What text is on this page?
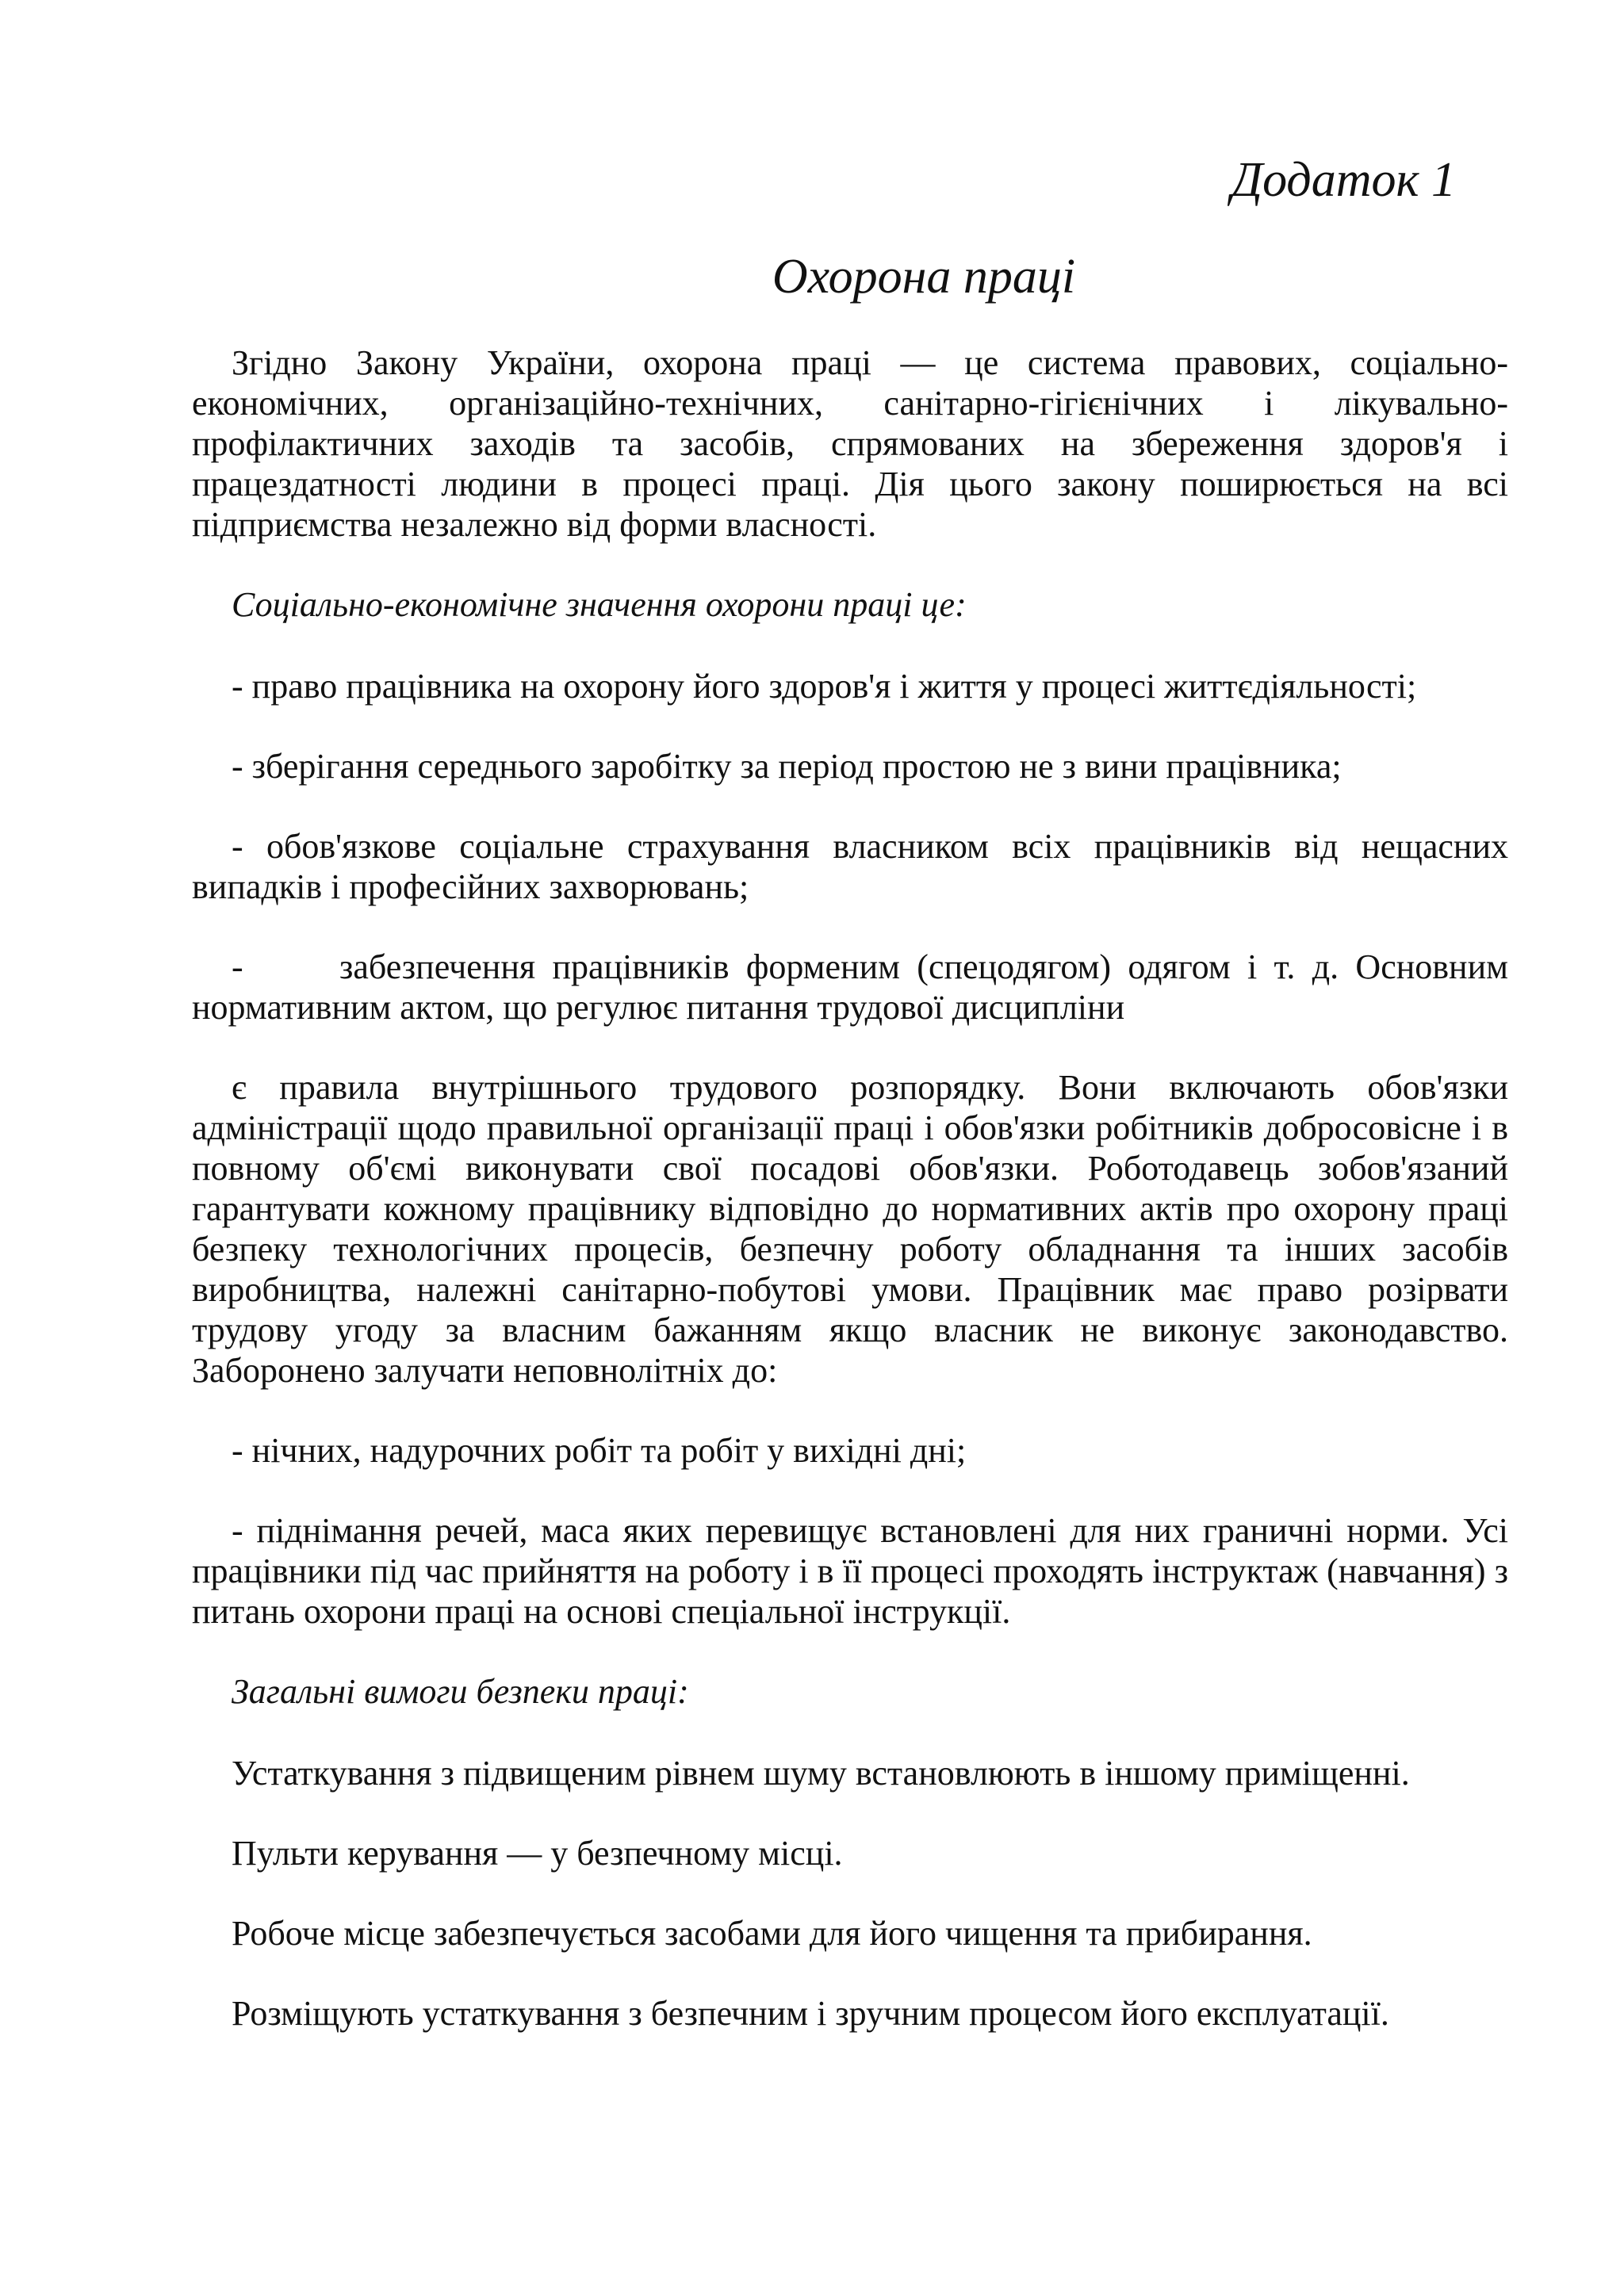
Додаток 1
Охорона праці

Згідно Закону України, охорона праці — це система правових, соціально-економічних, організаційно-технічних, санітарно-гігієнічних і лікувально-профілактичних заходів та засобів, спрямованих на збереження здоров'я і працездатності людини в процесі праці. Дія цього закону поширюється на всі підприємства незалежно від форми власності.

Соціально-економічне значення охорони праці це:

- право працівника на охорону його здоров'я і життя у процесі життєдіяльності;

- зберігання середнього заробітку за період простою не з вини працівника;

- обов'язкове соціальне страхування власником всіх працівників від нещасних випадків і професійних захворювань;

-	забезпечення працівників форменим (спецодягом) одягом і т. д. Основним нормативним актом, що регулює питання трудової дисципліни

є правила внутрішнього трудового розпорядку. Вони включають обов'язки адміністрації щодо правильної організації праці і обов'язки робітників добросовісне і в повному об'ємі виконувати свої посадові обов'язки. Роботодавець зобов'язаний гарантувати кожному працівнику відповідно до нормативних актів про охорону праці безпеку технологічних процесів, безпечну роботу обладнання та інших засобів виробництва, належні санітарно-побутові умови. Працівник має право розірвати трудову угоду за власним бажанням якщо власник не виконує законодавство. Заборонено залучати неповнолітніх до:

- нічних, надурочних робіт та робіт у вихідні дні;

- піднімання речей, маса яких перевищує встановлені для них граничні норми. Усі працівники під час прийняття на роботу і в її процесі проходять інструктаж (навчання) з питань охорони праці на основі спеціальної інструкції.

Загальні вимоги безпеки праці:

Устаткування з підвищеним рівнем шуму встановлюють в іншому приміщенні.

Пульти керування — у безпечному місці.

Робоче місце забезпечується засобами для його чищення та прибирання.

Розміщують устаткування з безпечним і зручним процесом його експлуатації.
